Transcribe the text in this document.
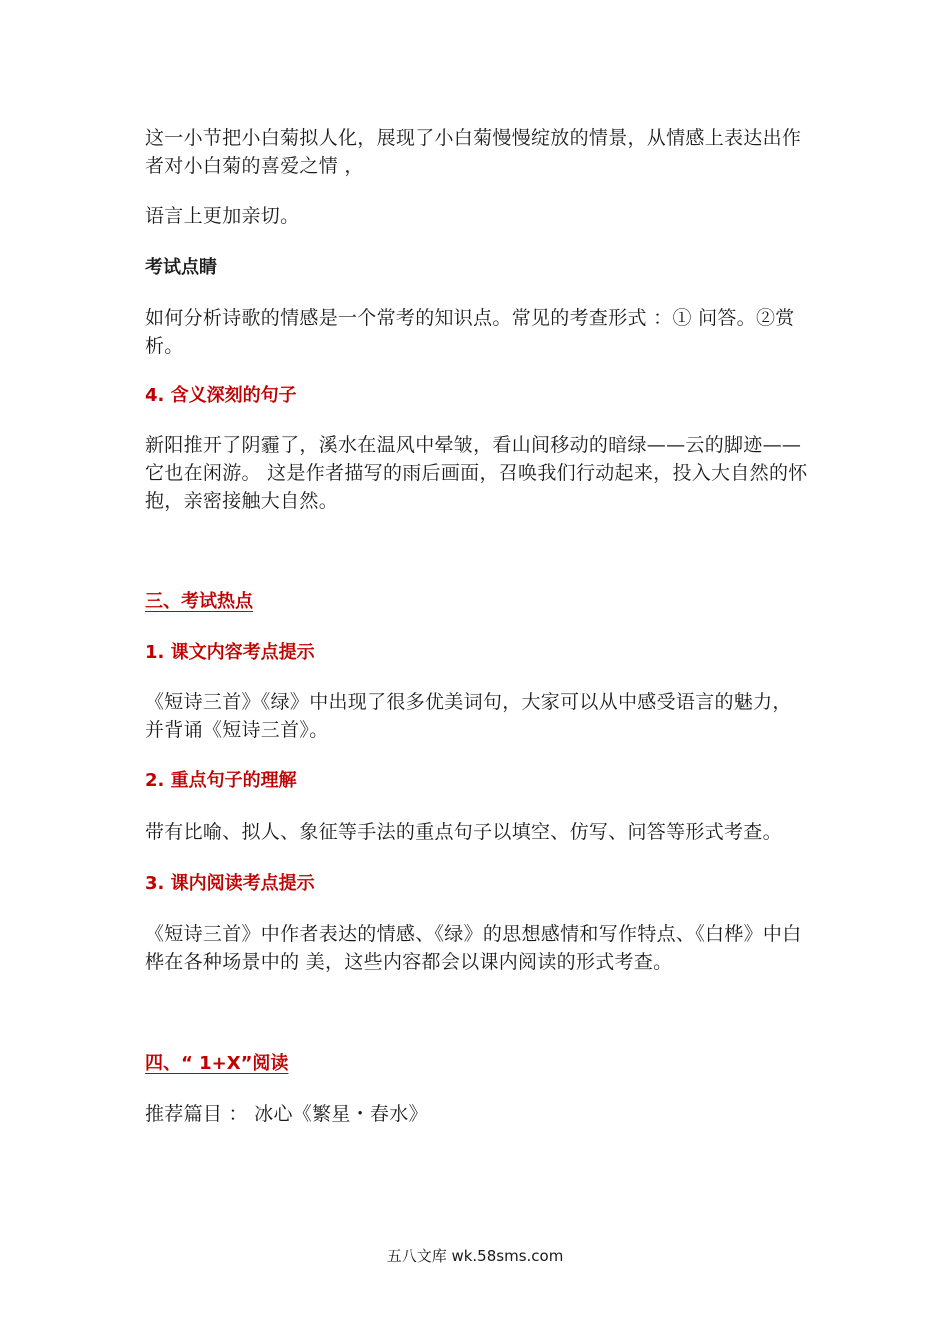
这一小节把小白菊拟人化，展现了小白菊慢慢绽放的情景，从情感上表达出作者对小白菊的喜爱之情 ，

语言上更加亲切。

考试点睛

如何分析诗歌的情感是一个常考的知识点。常见的考查形式 ：① 问答。②赏析。

4. 含义深刻的句子

新阳推开了阴霾了，溪水在温风中晕皱，看山间移动的暗绿——云的脚迹——它也在闲游。 这是作者描写的雨后画面，召唤我们行动起来，投入大自然的怀抱，亲密接触大自然。

三、考试热点

1. 课文内容考点提示

《短诗三首》《绿》中出现了很多优美词句，大家可以从中感受语言的魅力，并背诵《短诗三首》。

2. 重点句子的理解

带有比喻、拟人、象征等手法的重点句子以填空、仿写、问答等形式考查。

3. 课内阅读考点提示

《短诗三首》中作者表达的情感、《绿》的思想感情和写作特点、《白桦》中白桦在各种场景中的 美，这些内容都会以课内阅读的形式考查。

四、“ 1+X”阅读

推荐篇目 ： 冰心《繁星・春水》

五八文库 wk.58sms.com
